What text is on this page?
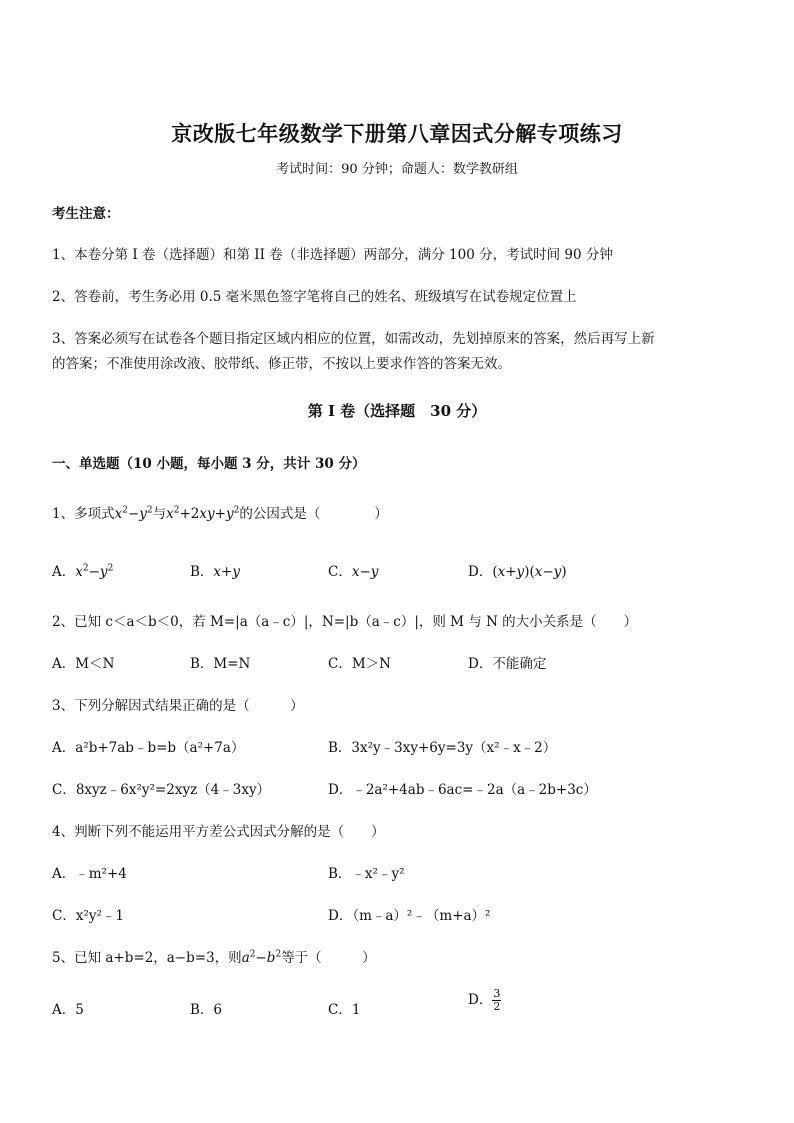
京改版七年级数学下册第八章因式分解专项练习
考试时间：90 分钟；命题人：数学教研组
考生注意：
1、本卷分第 I 卷（选择题）和第 II 卷（非选择题）两部分，满分 100 分，考试时间 90 分钟
2、答卷前，考生务必用 0.5 毫米黑色签字笔将自己的姓名、班级填写在试卷规定位置上
3、答案必须写在试卷各个题目指定区域内相应的位置，如需改动，先划掉原来的答案，然后再写上新
的答案；不准使用涂改液、胶带纸、修正带，不按以上要求作答的答案无效。
第 I 卷（选择题　30 分）
一、单选题（10 小题，每小题 3 分，共计 30 分）
1、多项式$x^2-y^2$与$x^2+2xy+y^2$的公因式是（　　　　）
A．$x^2-y^2$	B．x+y	C．x−y	D．(x+y)(x−y)
2、已知 c＜a＜b＜0，若 M=|a（a﹣c）|，N=|b（a﹣c）|，则 M 与 N 的大小关系是（　　）
A．M＜N	B．M=N	C．M＞N	D．不能确定
3、下列分解因式结果正确的是（　　　）
A．a²b+7ab﹣b=b（a²+7a）	B．3x²y﹣3xy+6y=3y（x²﹣x﹣2）
C．8xyz﹣6x²y²=2xyz（4﹣3xy）	D．﹣2a²+4ab﹣6ac=﹣2a（a﹣2b+3c）
4、判断下列不能运用平方差公式因式分解的是（　　）
A．﹣m²+4	B．﹣x²﹣y²
C．x²y²﹣1	D．（m﹣a）²﹣（m+a）²
5、已知 a+b=2，a−b=3，则$a^2-b^2$等于（　　　）
A．5	B．6	C．1
D． $\frac{3}{2}$
